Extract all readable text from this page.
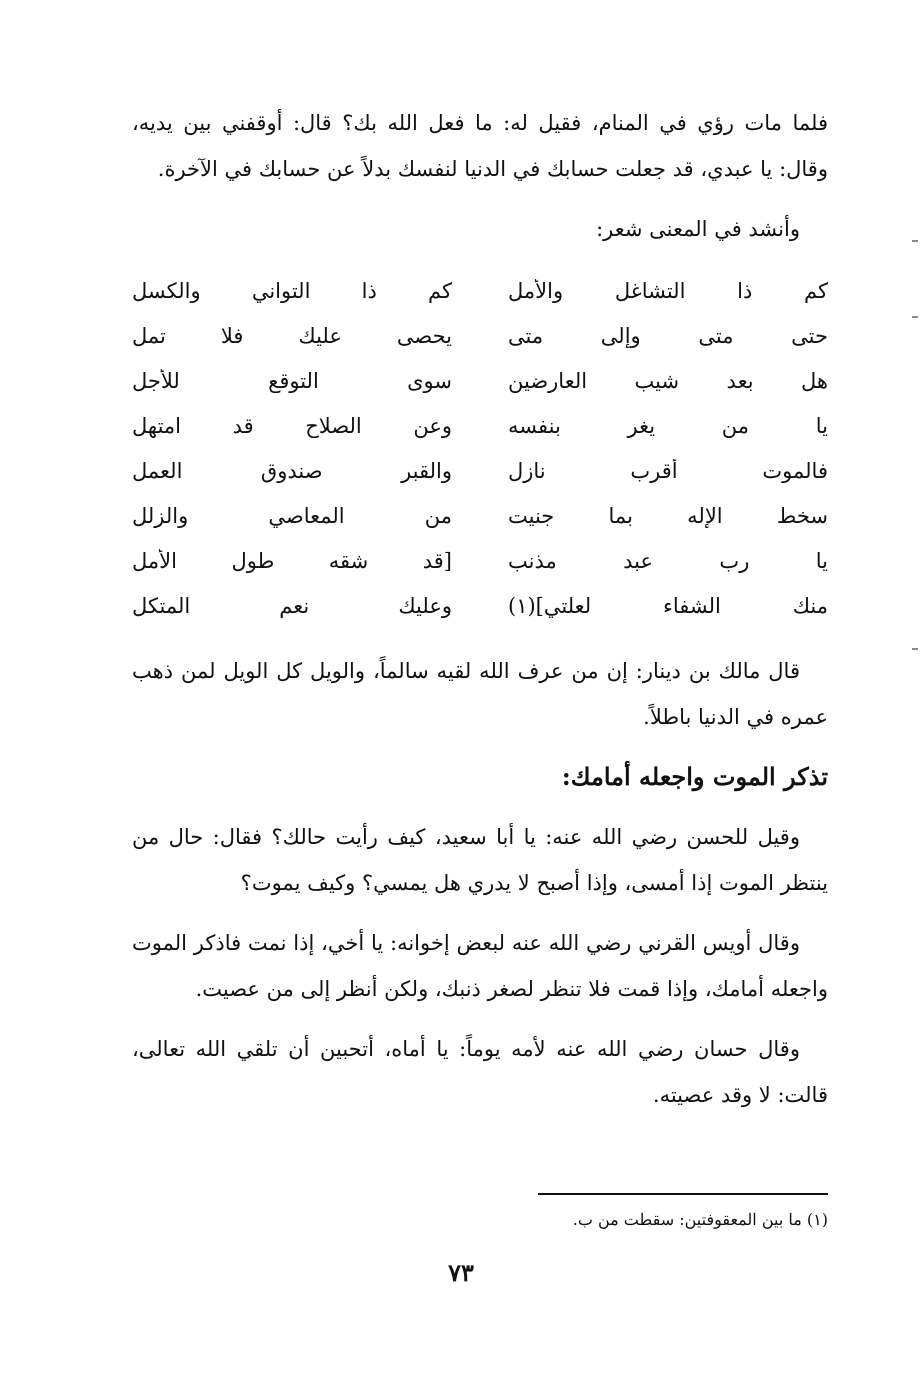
فلما مات رؤي في المنام، فقيل له: ما فعل الله بك؟ قال: أوقفني بين يديه، وقال: يا عبدي، قد جعلت حسابك في الدنيا لنفسك بدلاً عن حسابك في الآخرة.

وأنشد في المعنى شعر:

كم ذا التشاغل والأمل
كم ذا التواني والكسل
حتى متى وإلى متى
يحصى عليك فلا تمل
هل بعد شيب العارضين
سوى التوقع للأجل
يا من يغر بنفسه
وعن الصلاح قد امتهل
فالموت أقرب نازل
والقبر صندوق العمل
سخط الإله بما جنيت
من المعاصي والزلل
يا رب عبد مذنب
[قد شقه طول الأمل
منك الشفاء لعلتي](١)
وعليك نعم المتكل

قال مالك بن دينار: إن من عرف الله لقيه سالماً، والويل كل الويل لمن ذهب عمره في الدنيا باطلاً.

تذكر الموت واجعله أمامك:

وقيل للحسن رضي الله عنه: يا أبا سعيد، كيف رأيت حالك؟ فقال: حال من ينتظر الموت إذا أمسى، وإذا أصبح لا يدري هل يمسي؟ وكيف يموت؟

وقال أويس القرني رضي الله عنه لبعض إخوانه: يا أخي، إذا نمت فاذكر الموت واجعله أمامك، وإذا قمت فلا تنظر لصغر ذنبك، ولكن أنظر إلى من عصيت.

وقال حسان رضي الله عنه لأمه يوماً: يا أماه، أتحبين أن تلقي الله تعالى، قالت: لا وقد عصيته.

(١) ما بين المعقوفتين: سقطت من ب.
٧٣
